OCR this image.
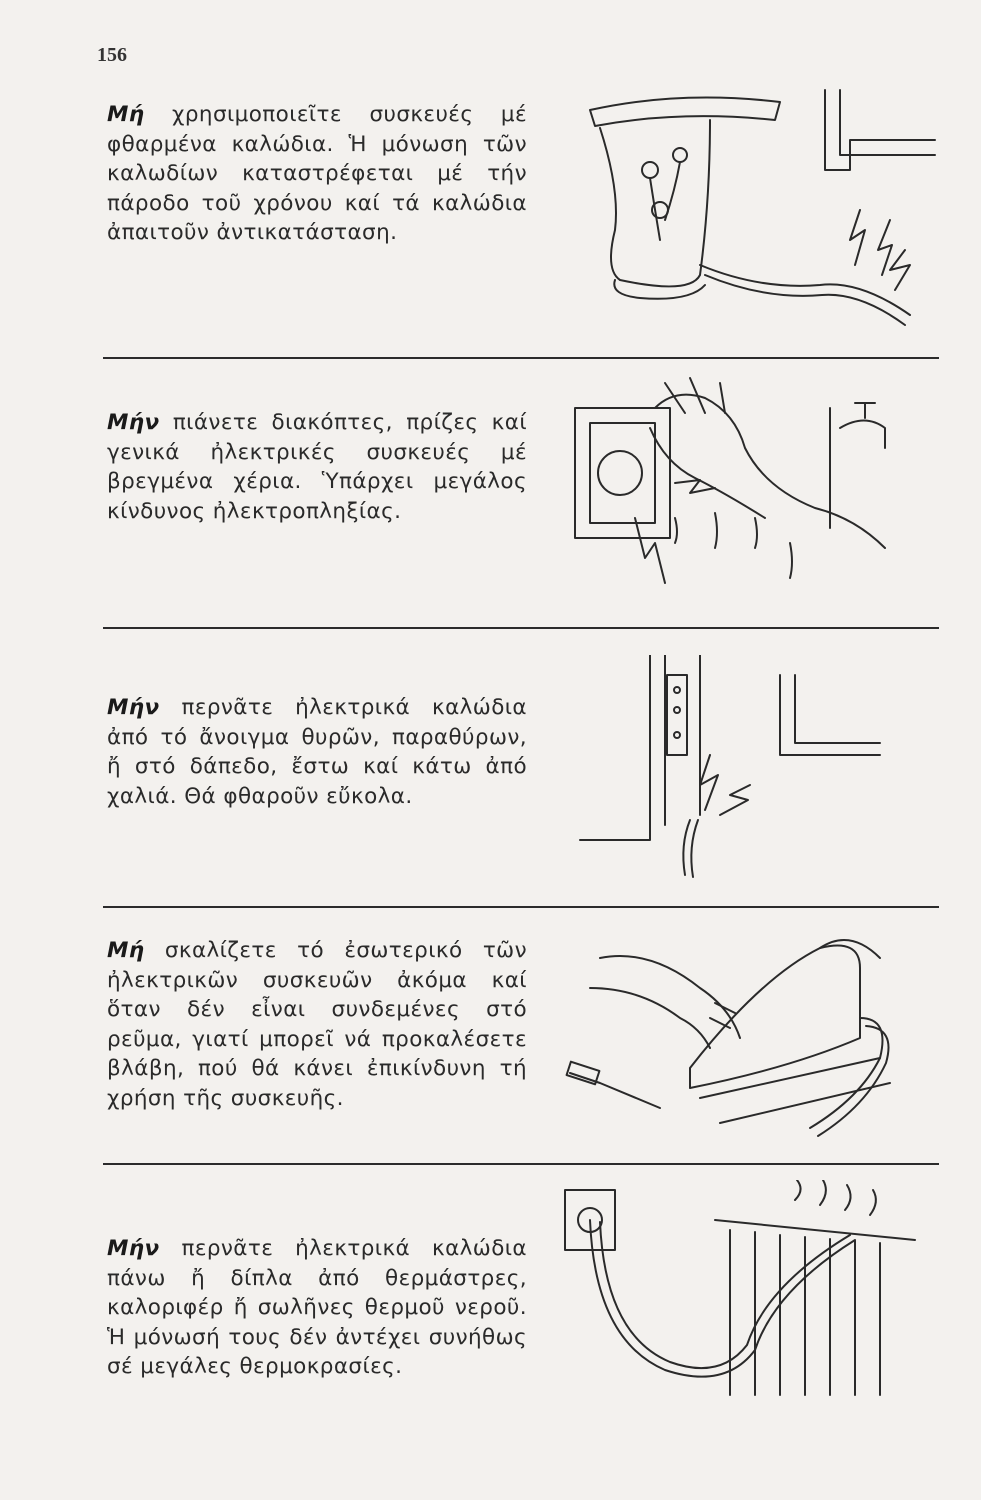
156
Μή χρησιμοποιεῖτε συσκευές μέ φθαρμένα καλώδια. Ἡ μόνωση τῶν καλωδίων καταστρέφεται μέ τήν πάροδο τοῦ χρόνου καί τά καλώδια ἀπαιτοῦν ἀντικατάσταση.
Μήν πιάνετε διακόπτες, πρίζες καί γενικά ἠλεκτρικές συσκευές μέ βρεγμένα χέρια. Ὑπάρχει μεγάλος κίνδυνος ἠλεκτροπληξίας.
Μήν περνᾶτε ἠλεκτρικά καλώδια ἀπό τό ἄνοιγμα θυρῶν, παραθύρων, ἤ στό δάπεδο, ἔστω καί κάτω ἀπό χαλιά. Θά φθαροῦν εὔκολα.
Μή σκαλίζετε τό ἐσωτερικό τῶν ἠλεκτρικῶν συσκευῶν ἀκόμα καί ὅταν δέν εἶναι συνδεμένες στό ρεῦμα, γιατί μπορεῖ νά προκαλέσετε βλάβη, πού θά κάνει ἐπικίνδυνη τή χρήση τῆς συσκευῆς.
Μήν περνᾶτε ἠλεκτρικά καλώδια πάνω ἤ δίπλα ἀπό θερμάστρες, καλοριφέρ ἤ σωλῆνες θερμοῦ νεροῦ. Ἡ μόνωσή τους δέν ἀντέχει συνήθως σέ μεγάλες θερμοκρασίες.
